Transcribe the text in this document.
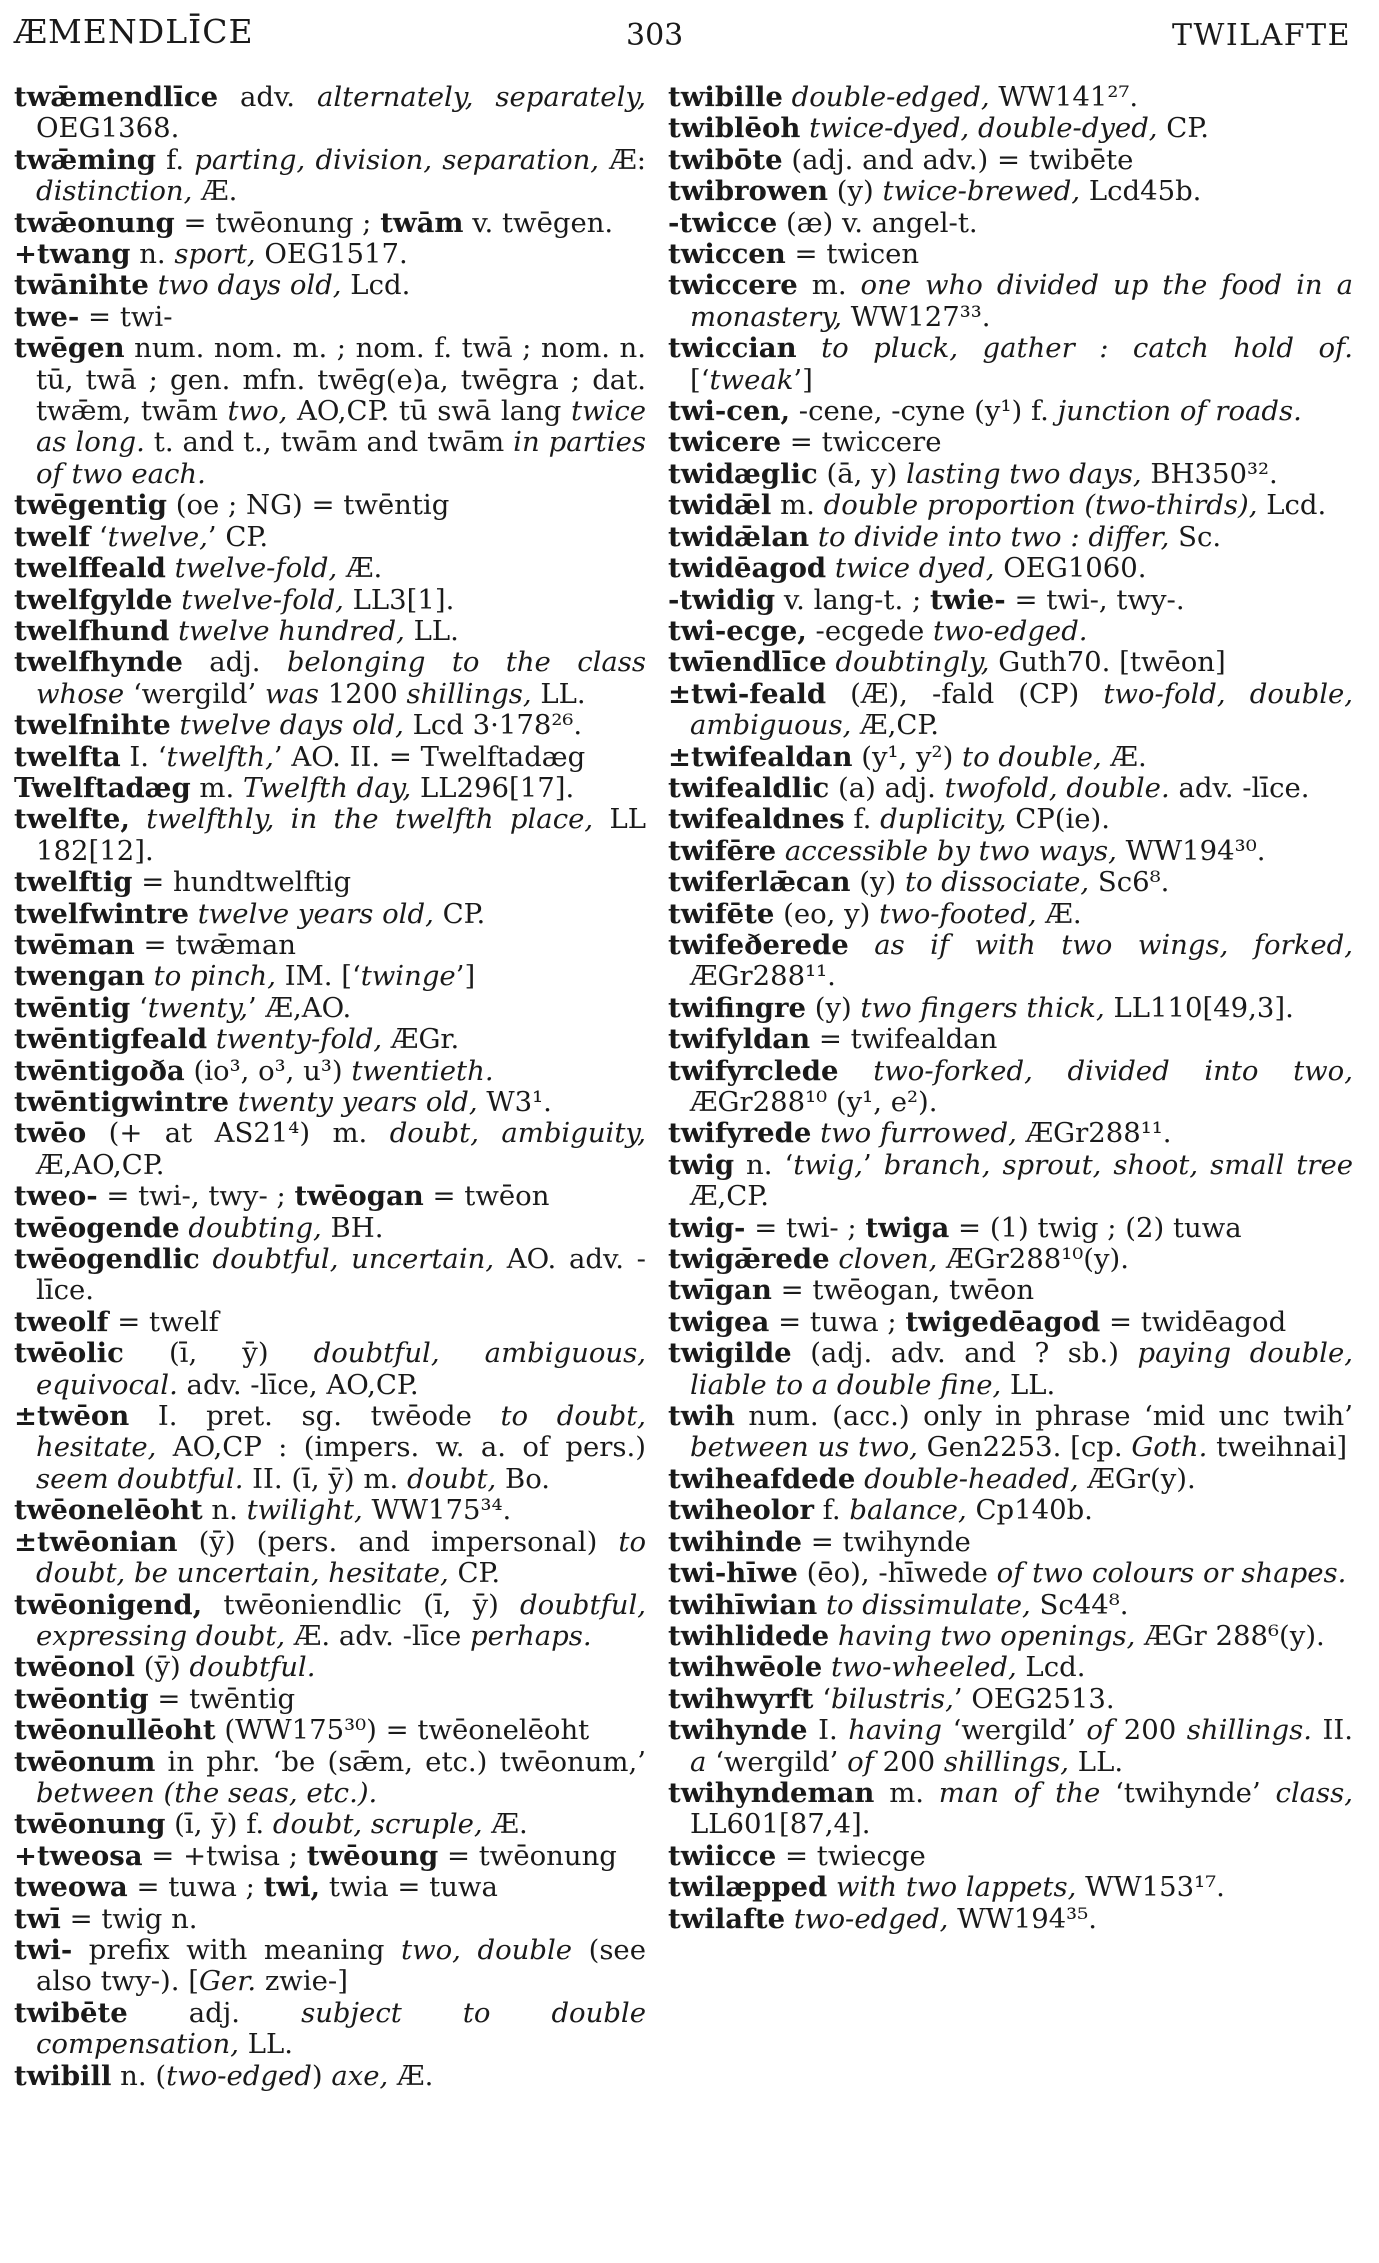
ÆMENDLĪCE	303	TWILAFTE
twǣmendlīce adv. alternately, separately, OEG1368.
twǣming f. parting, division, separation, Æ: distinction, Æ.
twǣonung = twēonung ; twām v. twēgen.
+twang n. sport, OEG1517.
twānihte two days old, Lcd.
twe- = twi-
twēgen num. nom. m. ; nom. f. twā ; nom. n. tū, twā ; gen. mfn. twēg(e)a, twēgra ; dat. twǣm, twām two, AO,CP. tū swā lang twice as long. t. and t., twām and twām in parties of two each.
twēgentig (oe ; NG) = twēntig
twelf ‘twelve,’ CP.
twelffeald twelve-fold, Æ.
twelfgylde twelve-fold, LL3[1].
twelfhund twelve hundred, LL.
twelfhynde adj. belonging to the class whose ‘wergild’ was 1200 shillings, LL.
twelfnihte twelve days old, Lcd 3·178²⁶.
twelfta I. ‘twelfth,’ AO. II. = Twelftadæg
Twelftadæg m. Twelfth day, LL296[17].
twelfte, twelfthly, in the twelfth place, LL 182[12].
twelftig = hundtwelftig
twelfwintre twelve years old, CP.
twēman = twǣman
twengan to pinch, IM. [‘twinge’]
twēntig ‘twenty,’ Æ,AO.
twēntigfeald twenty-fold, ÆGr.
twēntigoða (io³, o³, u³) twentieth.
twēntigwintre twenty years old, W3¹.
twēo (+ at AS21⁴) m. doubt, ambiguity, Æ,AO,CP.
tweo- = twi-, twy- ; twēogan = twēon
twēogende doubting, BH.
twēogendlic doubtful, uncertain, AO. adv. -līce.
tweolf = twelf
twēolic (ī, ȳ) doubtful, ambiguous, equivocal. adv. -līce, AO,CP.
±twēon I. pret. sg. twēode to doubt, hesitate, AO,CP : (impers. w. a. of pers.) seem doubtful. II. (ī, ȳ) m. doubt, Bo.
twēonelēoht n. twilight, WW175³⁴.
±twēonian (ȳ) (pers. and impersonal) to doubt, be uncertain, hesitate, CP.
twēonigend, twēoniendlic (ī, ȳ) doubtful, expressing doubt, Æ. adv. -līce perhaps.
twēonol (ȳ) doubtful.
twēontig = twēntig
twēonullēoht (WW175³⁰) = twēonelēoht
twēonum in phr. ‘be (sǣm, etc.) twēonum,’ between (the seas, etc.).
twēonung (ī, ȳ) f. doubt, scruple, Æ.
+tweosa = +twisa ; twēoung = twēonung
tweowa = tuwa ; twi, twia = tuwa
twī = twig n.
twi- prefix with meaning two, double (see also twy-). [Ger. zwie-]
twibēte adj. subject to double compensation, LL.
twibill n. (two-edged) axe, Æ.
twibille double-edged, WW141²⁷.
twiblēoh twice-dyed, double-dyed, CP.
twibōte (adj. and adv.) = twibēte
twibrowen (y) twice-brewed, Lcd45b.
-twicce (æ) v. angel-t.
twiccen = twicen
twiccere m. one who divided up the food in a monastery, WW127³³.
twiccian to pluck, gather : catch hold of. [‘tweak’]
twi-cen, -cene, -cyne (y¹) f. junction of roads.
twicere = twiccere
twidæglic (ā, y) lasting two days, BH350³².
twidǣl m. double proportion (two-thirds), Lcd.
twidǣlan to divide into two : differ, Sc.
twidēagod twice dyed, OEG1060.
-twidig v. lang-t. ; twie- = twi-, twy-.
twi-ecge, -ecgede two-edged.
twīendlīce doubtingly, Guth70. [twēon]
±twi-feald (Æ), -fald (CP) two-fold, double, ambiguous, Æ,CP.
±twifealdan (y¹, y²) to double, Æ.
twifealdlic (a) adj. twofold, double. adv. -līce.
twifealdnes f. duplicity, CP(ie).
twifēre accessible by two ways, WW194³⁰.
twiferlǣcan (y) to dissociate, Sc6⁸.
twifēte (eo, y) two-footed, Æ.
twifeðerede as if with two wings, forked, ÆGr288¹¹.
twifingre (y) two fingers thick, LL110[49,3].
twifyldan = twifealdan
twifyrclede two-forked, divided into two, ÆGr288¹⁰ (y¹, e²).
twifyrede two furrowed, ÆGr288¹¹.
twig n. ‘twig,’ branch, sprout, shoot, small tree Æ,CP.
twig- = twi- ; twiga = (1) twig ; (2) tuwa
twigǣrede cloven, ÆGr288¹⁰(y).
twīgan = twēogan, twēon
twigea = tuwa ; twigedēagod = twidēagod
twigilde (adj. adv. and ? sb.) paying double, liable to a double fine, LL.
twih num. (acc.) only in phrase ‘mid unc twih’ between us two, Gen2253. [cp. Goth. tweihnai]
twiheafdede double-headed, ÆGr(y).
twiheolor f. balance, Cp140b.
twihinde = twihynde
twi-hīwe (ēo), -hīwede of two colours or shapes.
twihīwian to dissimulate, Sc44⁸.
twihlidede having two openings, ÆGr 288⁶(y).
twihwēole two-wheeled, Lcd.
twihwyrft ‘bilustris,’ OEG2513.
twihynde I. having ‘wergild’ of 200 shillings. II. a ‘wergild’ of 200 shillings, LL.
twihyndeman m. man of the ‘twihynde’ class, LL601[87,4].
twiicce = twiecge
twilæpped with two lappets, WW153¹⁷.
twilafte two-edged, WW194³⁵.
